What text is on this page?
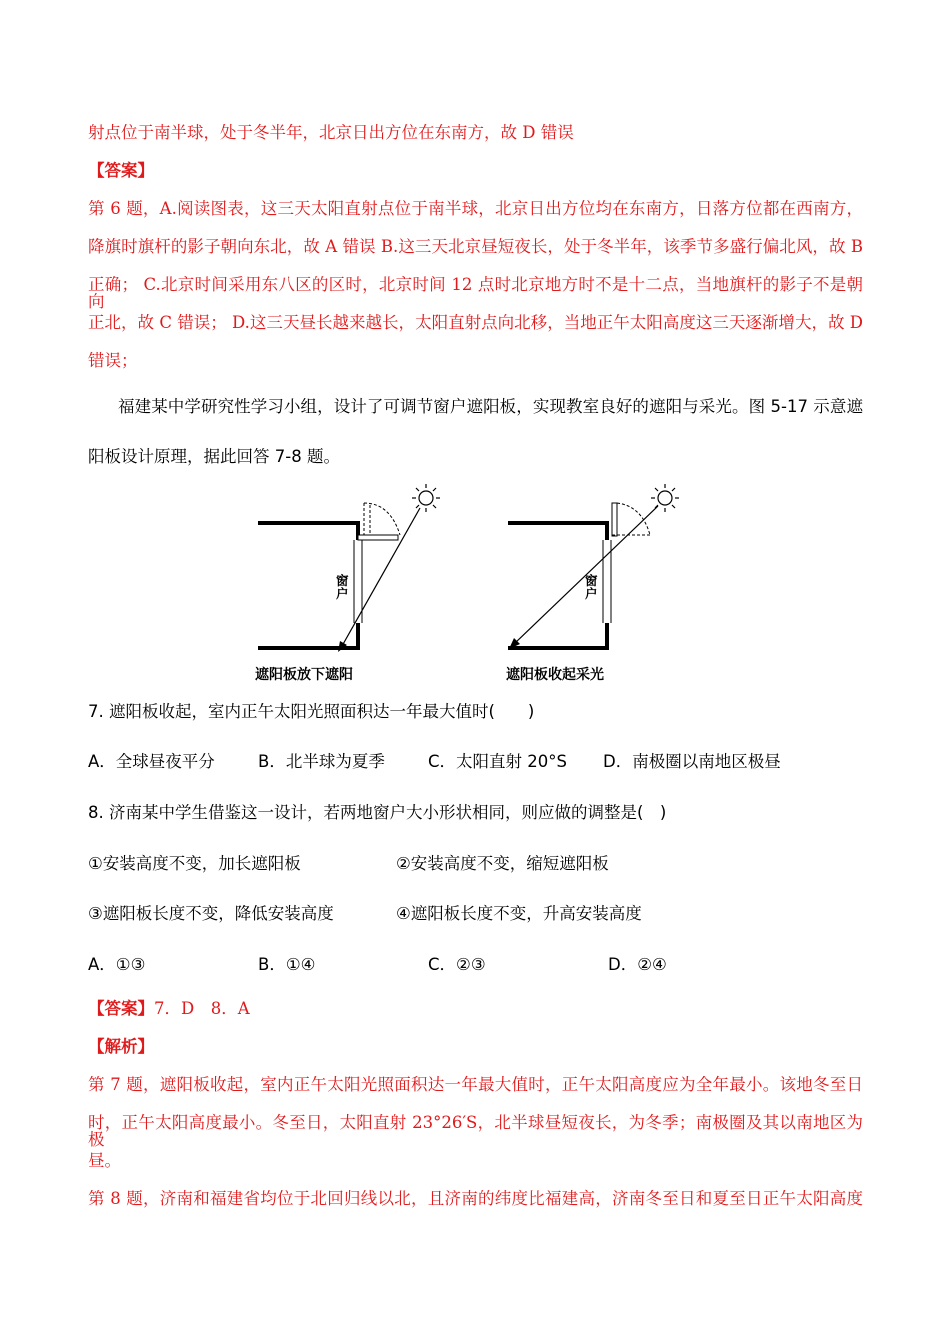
射点位于南半球，处于冬半年，北京日出方位在东南方，故 D 错误
【答案】
第 6 题，A.阅读图表，这三天太阳直射点位于南半球，北京日出方位均在东南方，日落方位都在西南方，
降旗时旗杆的影子朝向东北，故 A 错误 B.这三天北京昼短夜长，处于冬半年，该季节多盛行偏北风，故 B
正确； C.北京时间采用东八区的区时，北京时间 12 点时北京地方时不是十二点，当地旗杆的影子不是朝向
正北，故 C 错误； D.这三天昼长越来越长，太阳直射点向北移，当地正午太阳高度这三天逐渐增大，故 D
错误；
福建某中学研究性学习小组，设计了可调节窗户遮阳板，实现教室良好的遮阳与采光。图 5-17 示意遮
阳板设计原理，据此回答 7-8 题。
窗
户
窗
户
遮阳板放下遮阳	遮阳板收起采光
7. 遮阳板收起，室内正午太阳光照面积达一年最大值时(　　)
A．全球昼夜平分	B．北半球为夏季	C．太阳直射 20°S D．南极圈以南地区极昼
8. 济南某中学生借鉴这一设计，若两地窗户大小形状相同，则应做的调整是(　)
①安装高度不变，加长遮阳板	②安装高度不变，缩短遮阳板
③遮阳板长度不变，降低安装高度	④遮阳板长度不变，升高安装高度
A．①③	B．①④	C．②③	D．②④
【答案】7．D　8．A
【解析】
第 7 题，遮阳板收起，室内正午太阳光照面积达一年最大值时，正午太阳高度应为全年最小。该地冬至日
时，正午太阳高度最小。冬至日，太阳直射 23°26′S，北半球昼短夜长，为冬季；南极圈及其以南地区为极
昼。
第 8 题，济南和福建省均位于北回归线以北，且济南的纬度比福建高，济南冬至日和夏至日正午太阳高度
